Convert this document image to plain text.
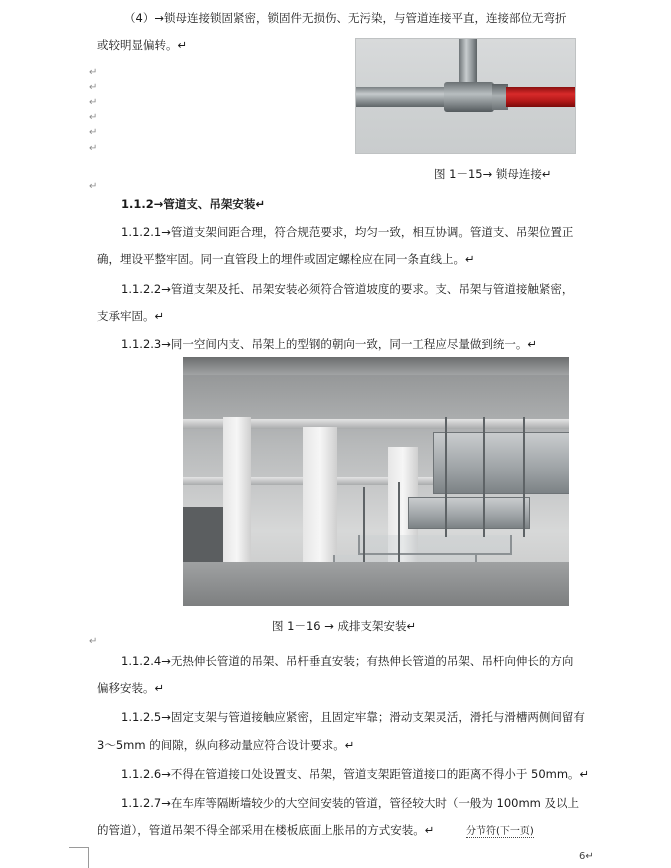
（4）→锁母连接锁固紧密，锁固件无损伤、无污染，与管道连接平直，连接部位无弯折
或较明显偏转。↵
↵
↵
↵
↵
↵
↵
图 1－15→ 锁母连接↵
↵
1.1.2→管道支、吊架安装↵
1.1.2.1→管道支架间距合理，符合规范要求，均匀一致，相互协调。管道支、吊架位置正
确，埋设平整牢固。同一直管段上的埋件或固定螺栓应在同一条直线上。↵
1.1.2.2→管道支架及托、吊架安装必须符合管道坡度的要求。支、吊架与管道接触紧密，
支承牢固。↵
1.1.2.3→同一空间内支、吊架上的型钢的朝向一致，同一工程应尽量做到统一。↵
图 1－16 → 成排支架安装↵
↵
1.1.2.4→无热伸长管道的吊架、吊杆垂直安装；有热伸长管道的吊架、吊杆向伸长的方向
偏移安装。↵
1.1.2.5→固定支架与管道接触应紧密，且固定牢靠；滑动支架灵活，滑托与滑槽两侧间留有
3～5mm 的间隙，纵向移动量应符合设计要求。↵
1.1.2.6→不得在管道接口处设置支、吊架，管道支架距管道接口的距离不得小于 50mm。↵
1.1.2.7→在车库等隔断墙较少的大空间安装的管道，管径较大时（一般为 100mm 及以上
的管道），管道吊架不得全部采用在楼板底面上胀吊的方式安装。↵	分节符(下一页)
6↵
